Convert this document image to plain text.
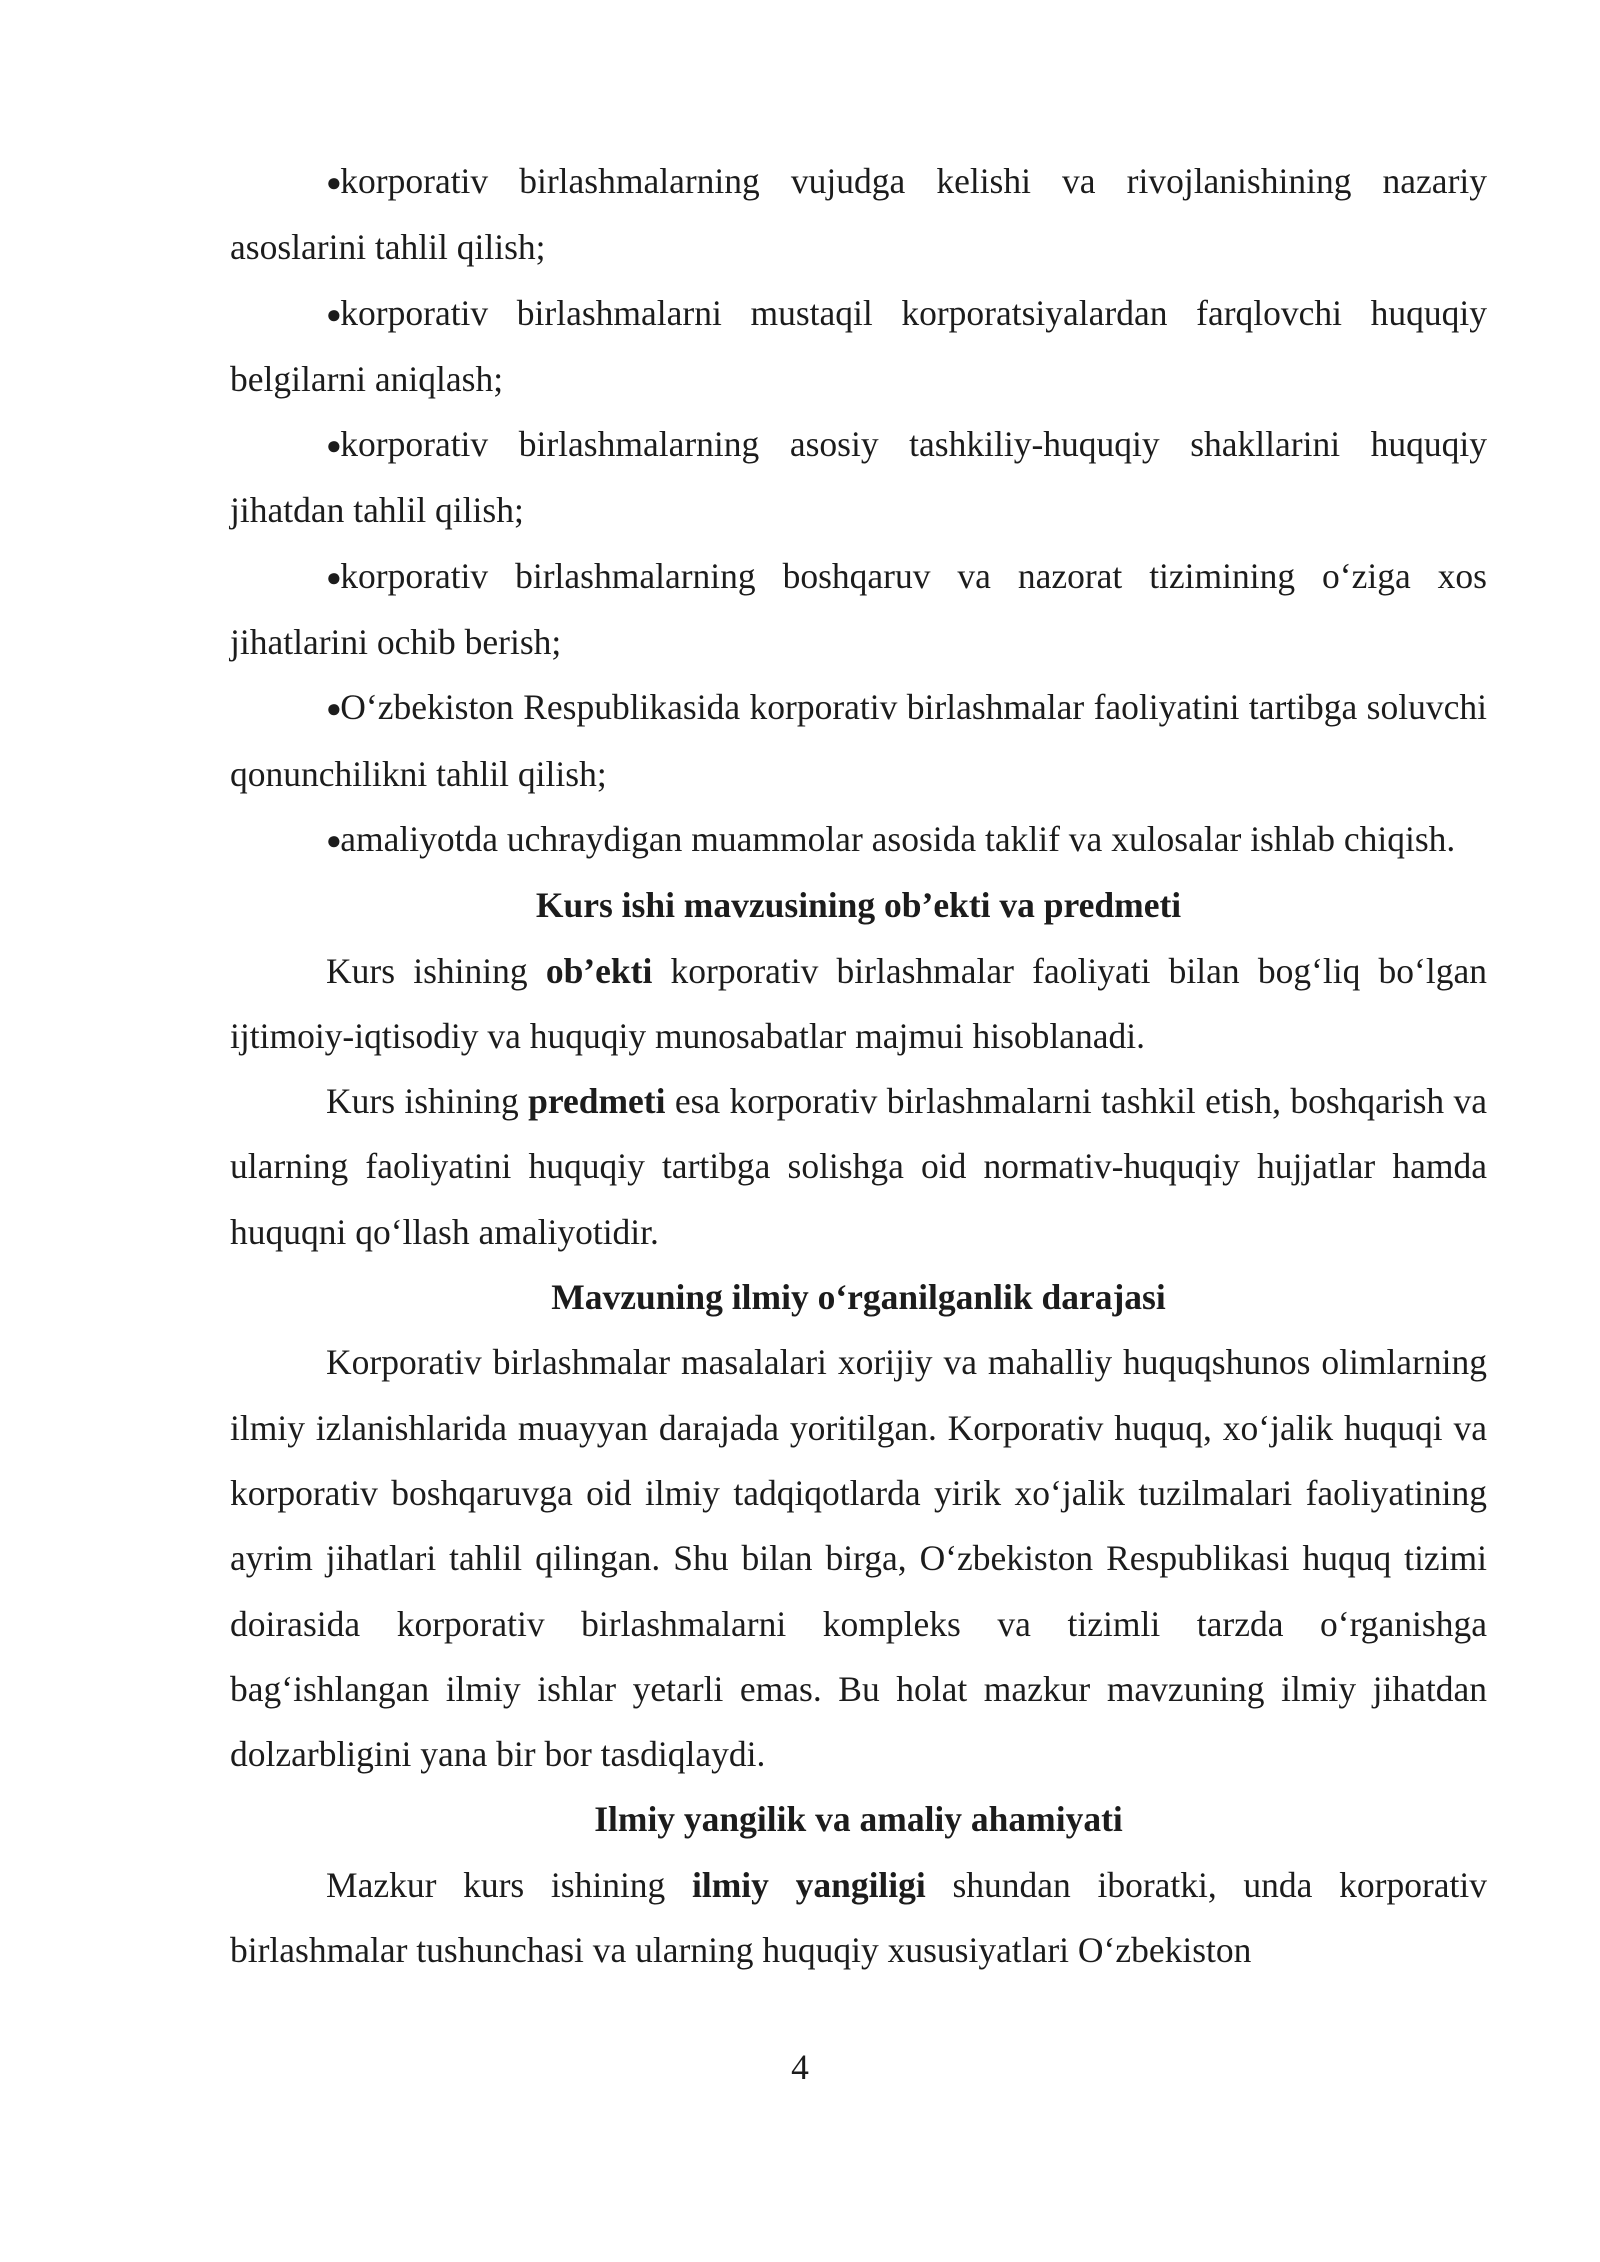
●korporativ birlashmalarning vujudga kelishi va rivojlanishining nazariy asoslarini tahlil qilish;

●korporativ birlashmalarni mustaqil korporatsiyalardan farqlovchi huquqiy belgilarni aniqlash;

●korporativ birlashmalarning asosiy tashkiliy-huquqiy shakllarini huquqiy jihatdan tahlil qilish;

●korporativ birlashmalarning boshqaruv va nazorat tizimining o‘ziga xos jihatlarini ochib berish;

●O‘zbekiston Respublikasida korporativ birlashmalar faoliyatini tartibga soluvchi qonunchilikni tahlil qilish;

●amaliyotda uchraydigan muammolar asosida taklif va xulosalar ishlab chiqish.

Kurs ishi mavzusining ob’ekti va predmeti

Kurs ishining ob’ekti korporativ birlashmalar faoliyati bilan bog‘liq bo‘lgan ijtimoiy-iqtisodiy va huquqiy munosabatlar majmui hisoblanadi.

Kurs ishining predmeti esa korporativ birlashmalarni tashkil etish, boshqarish va ularning faoliyatini huquqiy tartibga solishga oid normativ-huquqiy hujjatlar hamda huquqni qo‘llash amaliyotidir.

Mavzuning ilmiy o‘rganilganlik darajasi

Korporativ birlashmalar masalalari xorijiy va mahalliy huquqshunos olimlarning ilmiy izlanishlarida muayyan darajada yoritilgan. Korporativ huquq, xo‘jalik huquqi va korporativ boshqaruvga oid ilmiy tadqiqotlarda yirik xo‘jalik tuzilmalari faoliyatining ayrim jihatlari tahlil qilingan. Shu bilan birga, O‘zbekiston Respublikasi huquq tizimi doirasida korporativ birlashmalarni kompleks va tizimli tarzda o‘rganishga bag‘ishlangan ilmiy ishlar yetarli emas. Bu holat mazkur mavzuning ilmiy jihatdan dolzarbligini yana bir bor tasdiqlaydi.

Ilmiy yangilik va amaliy ahamiyati

Mazkur kurs ishining ilmiy yangiligi shundan iboratki, unda korporativ birlashmalar tushunchasi va ularning huquqiy xususiyatlari O‘zbekiston

4
